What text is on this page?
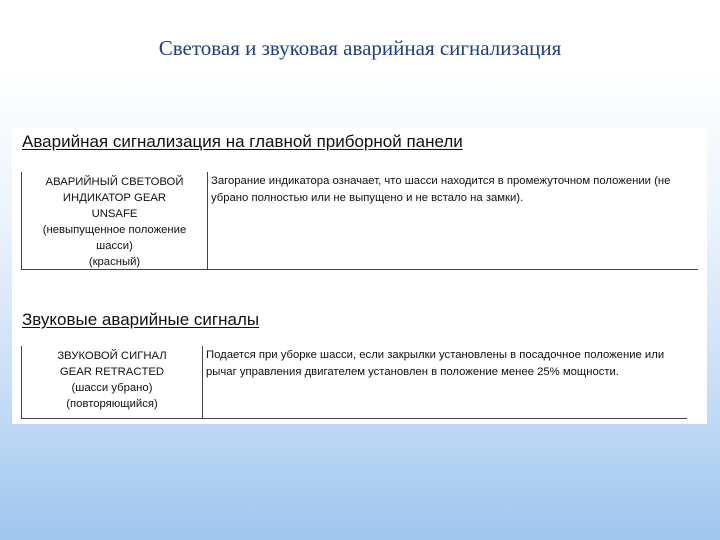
Световая и звуковая аварийная сигнализация
Аварийная сигнализация на главной приборной панели
АВАРИЙНЫЙ СВЕТОВОЙ
ИНДИКАТОР GEAR
UNSAFE
(невыпущенное положение
шасси)
(красный)
Загорание индикатора означает, что шасси находится в промежуточном положении (не убрано полностью или не выпущено и не встало на замки).
Звуковые аварийные сигналы
ЗВУКОВОЙ СИГНАЛ
GEAR RETRACTED
(шасси убрано)
(повторяющийся)
Подается при уборке шасси, если закрылки установлены в посадочное положение или рычаг управления двигателем установлен в положение менее 25% мощности.
